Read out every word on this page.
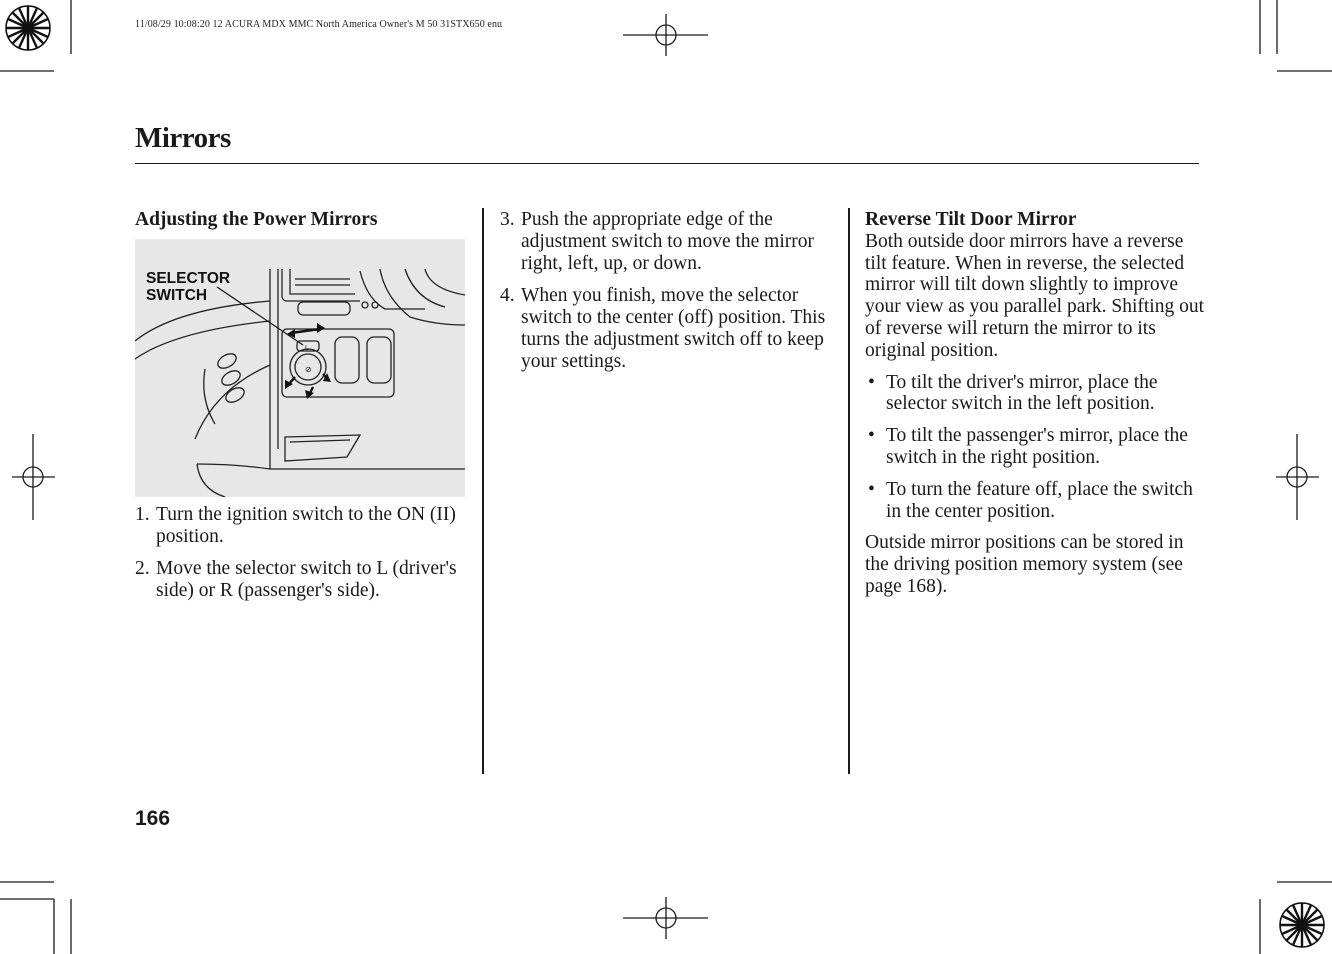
11/08/29 10:08:20 12 ACURA MDX MMC North America Owner's M 50 31STX650 enu
Mirrors
Adjusting the Power Mirrors
L
⊘
SELECTOR
SWITCH
1. Turn the ignition switch to the ON (II) position.
2. Move the selector switch to L (driver's side) or R (passenger's side).
3. Push the appropriate edge of the adjustment switch to move the mirror right, left, up, or down.
4. When you finish, move the selector switch to the center (off) position. This turns the adjustment switch off to keep your settings.
Reverse Tilt Door Mirror

Both outside door mirrors have a reverse tilt feature. When in reverse, the selected mirror will tilt down slightly to improve your view as you parallel park. Shifting out of reverse will return the mirror to its original position.

• To tilt the driver's mirror, place the selector switch in the left position.
• To tilt the passenger's mirror, place the switch in the right position.
• To turn the feature off, place the switch in the center position.

Outside mirror positions can be stored in the driving position memory system (see page 168).

166
